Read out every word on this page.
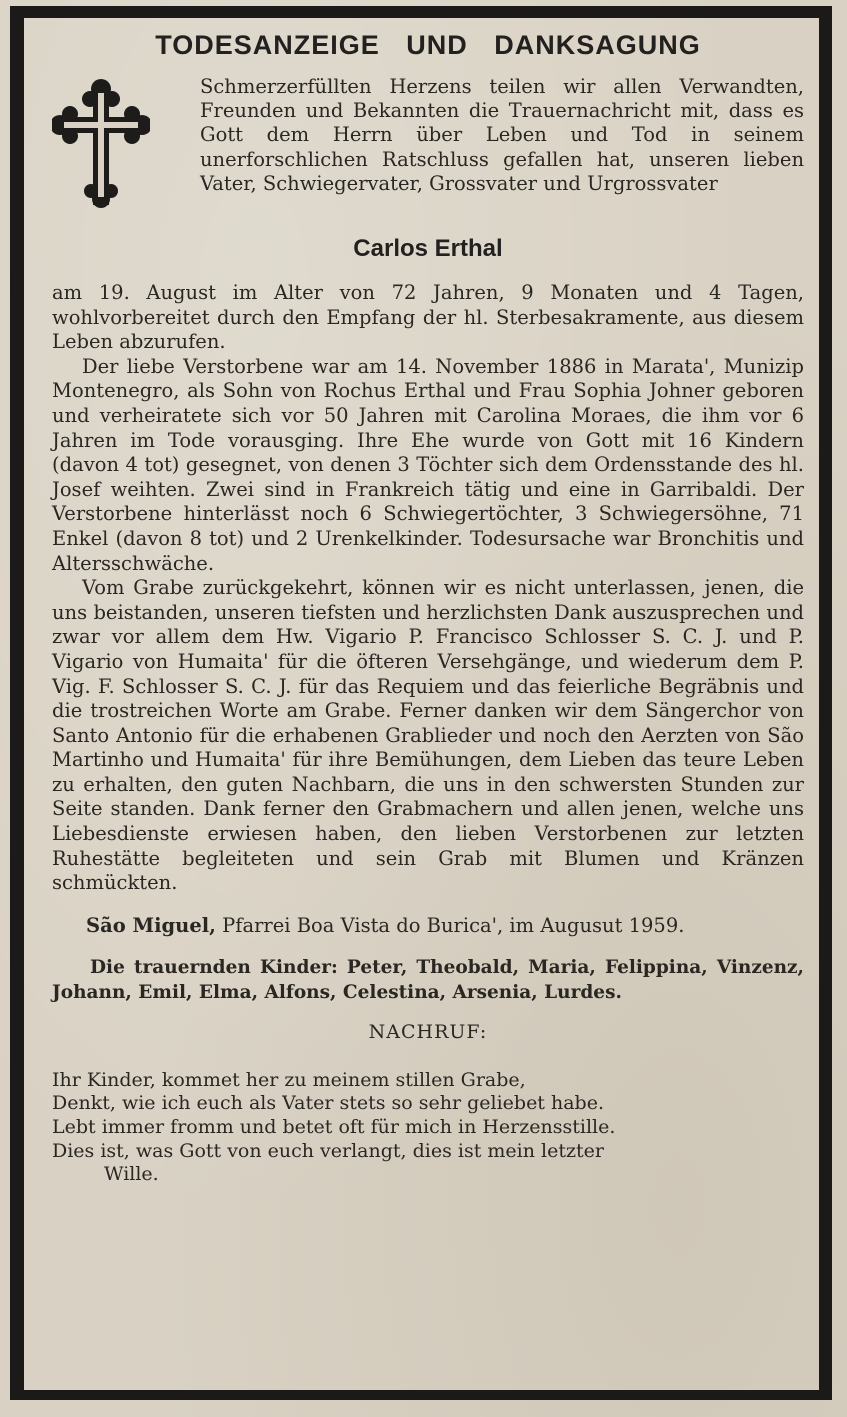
TODESANZEIGE UND DANKSAGUNG

Schmerzerfüllten Herzens teilen wir allen Verwandten, Freunden und Bekannten die Trauernachricht mit, dass es Gott dem Herrn über Leben und Tod in seinem unerforschlichen Ratschluss gefallen hat, unseren lieben Vater, Schwiegervater, Grossvater und Urgrossvater

Carlos Erthal

am 19. August im Alter von 72 Jahren, 9 Monaten und 4 Tagen, wohlvorbereitet durch den Empfang der hl. Sterbesakramente, aus diesem Leben abzurufen.

Der liebe Verstorbene war am 14. November 1886 in Marata', Munizip Montenegro, als Sohn von Rochus Erthal und Frau Sophia Johner geboren und verheiratete sich vor 50 Jahren mit Carolina Moraes, die ihm vor 6 Jahren im Tode vorausging. Ihre Ehe wurde von Gott mit 16 Kindern (davon 4 tot) gesegnet, von denen 3 Töchter sich dem Ordensstande des hl. Josef weihten. Zwei sind in Frankreich tätig und eine in Garribaldi. Der Verstorbene hinterlässt noch 6 Schwiegertöchter, 3 Schwiegersöhne, 71 Enkel (davon 8 tot) und 2 Urenkelkinder. Todesursache war Bronchitis und Altersschwäche.

Vom Grabe zurückgekehrt, können wir es nicht unterlassen, jenen, die uns beistanden, unseren tiefsten und herzlichsten Dank auszusprechen und zwar vor allem dem Hw. Vigario P. Francisco Schlosser S. C. J. und P. Vigario von Humaita' für die öfteren Versehgänge, und wiederum dem P. Vig. F. Schlosser S. C. J. für das Requiem und das feierliche Begräbnis und die trostreichen Worte am Grabe. Ferner danken wir dem Sängerchor von Santo Antonio für die erhabenen Grablieder und noch den Aerzten von São Martinho und Humaita' für ihre Bemühungen, dem Lieben das teure Leben zu erhalten, den guten Nachbarn, die uns in den schwersten Stunden zur Seite standen. Dank ferner den Grabmachern und allen jenen, welche uns Liebesdienste erwiesen haben, den lieben Verstorbenen zur letzten Ruhestätte begleiteten und sein Grab mit Blumen und Kränzen schmückten.

São Miguel, Pfarrei Boa Vista do Burica', im Augusut 1959.

Die trauernden Kinder: Peter, Theobald, Maria, Felippina, Vinzenz, Johann, Emil, Elma, Alfons, Celestina, Arsenia, Lurdes.

NACHRUF:

Ihr Kinder, kommet her zu meinem stillen Grabe,
Denkt, wie ich euch als Vater stets so sehr geliebet habe.
Lebt immer fromm und betet oft für mich in Herzensstille.
Dies ist, was Gott von euch verlangt, dies ist mein letzter
Wille.
